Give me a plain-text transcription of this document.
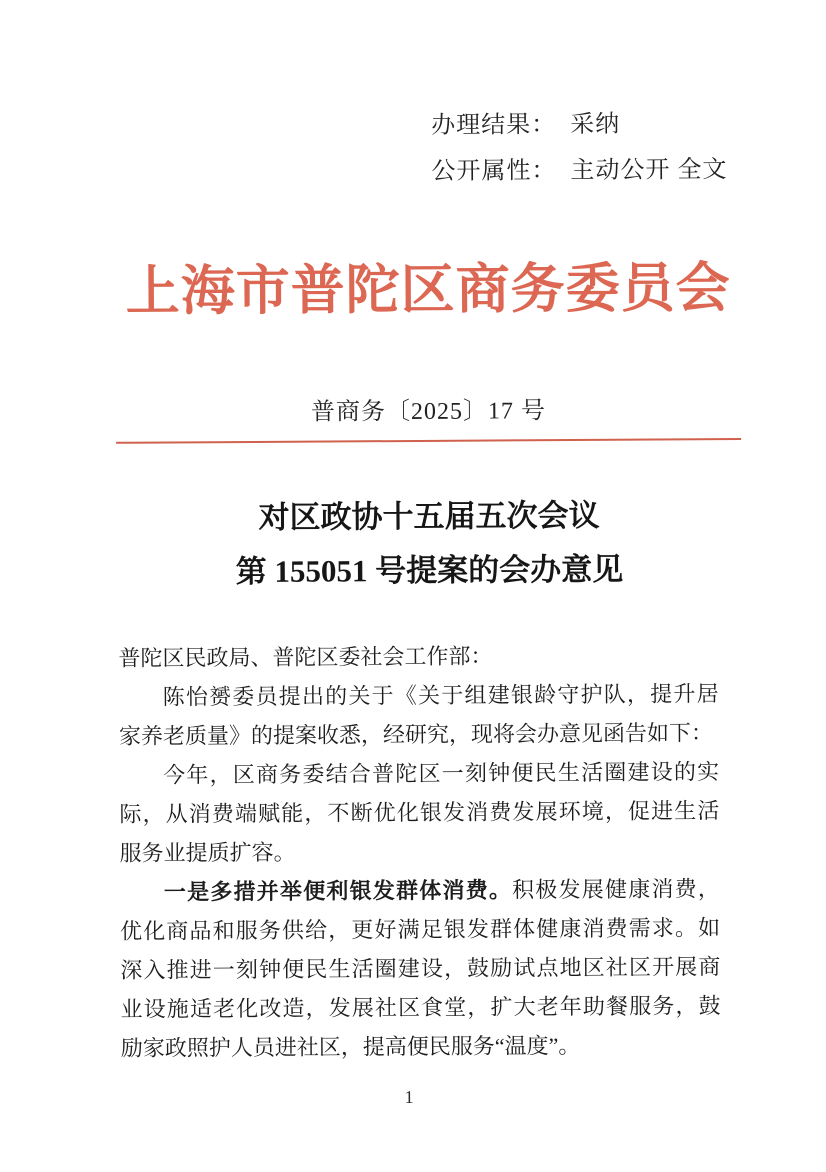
办理结果： 采纳
公开属性： 主动公开 全文
上海市普陀区商务委员会
普商务〔2025〕17 号
对区政协十五届五次会议
第 155051 号提案的会办意见
普陀区民政局、普陀区委社会工作部：
陈怡赟委员提出的关于《关于组建银龄守护队，提升居
家养老质量》的提案收悉，经研究，现将会办意见函告如下：
今年，区商务委结合普陀区一刻钟便民生活圈建设的实
际，从消费端赋能，不断优化银发消费发展环境，促进生活
服务业提质扩容。
一是多措并举便利银发群体消费。积极发展健康消费，
优化商品和服务供给，更好满足银发群体健康消费需求。如
深入推进一刻钟便民生活圈建设，鼓励试点地区社区开展商
业设施适老化改造，发展社区食堂，扩大老年助餐服务，鼓
励家政照护人员进社区，提高便民服务“温度”。
1
